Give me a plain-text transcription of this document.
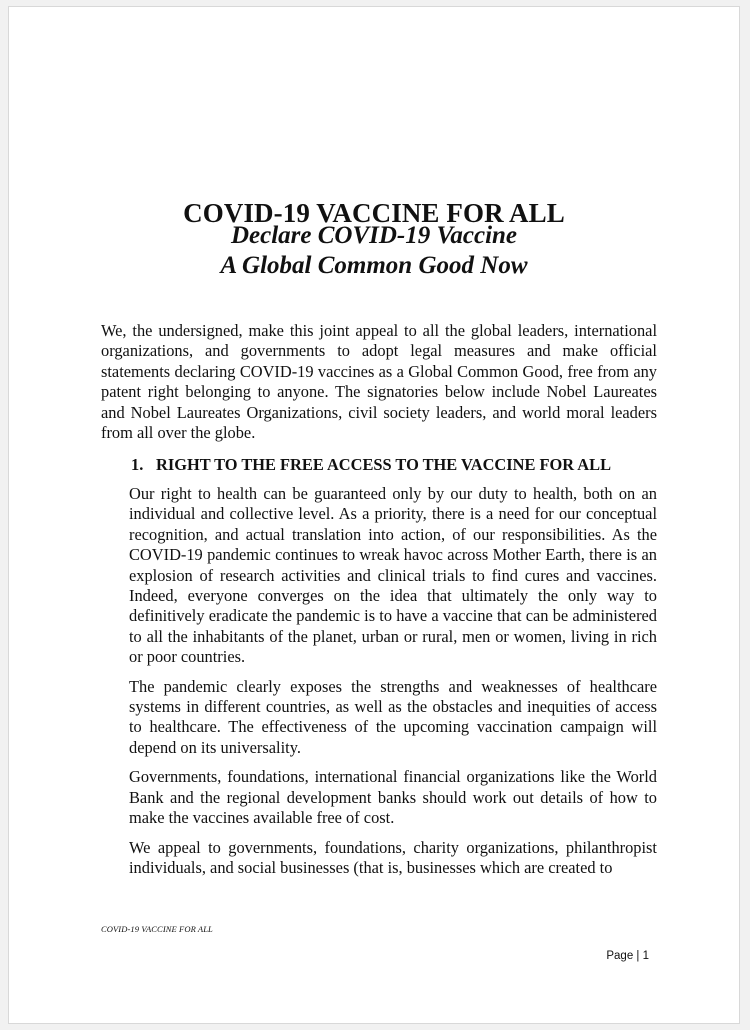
COVID-19 VACCINE FOR ALL
Declare COVID-19 Vaccine
A Global Common Good Now

We, the undersigned, make this joint appeal to all the global leaders, international organizations, and governments to adopt legal measures and make official statements declaring COVID-19 vaccines as a Global Common Good, free from any patent right belonging to anyone. The signatories below include Nobel Laureates and Nobel Laureates Organizations, civil society leaders, and world moral leaders from all over the globe.

1. RIGHT TO THE FREE ACCESS TO THE VACCINE FOR ALL

Our right to health can be guaranteed only by our duty to health, both on an individual and collective level. As a priority, there is a need for our conceptual recognition, and actual translation into action, of our responsibilities. As the COVID-19 pandemic continues to wreak havoc across Mother Earth, there is an explosion of research activities and clinical trials to find cures and vaccines. Indeed, everyone converges on the idea that ultimately the only way to definitively eradicate the pandemic is to have a vaccine that can be administered to all the inhabitants of the planet, urban or rural, men or women, living in rich or poor countries.

The pandemic clearly exposes the strengths and weaknesses of healthcare systems in different countries, as well as the obstacles and inequities of access to healthcare. The effectiveness of the upcoming vaccination campaign will depend on its universality.

Governments, foundations, international financial organizations like the World Bank and the regional development banks should work out details of how to make the vaccines available free of cost.

We appeal to governments, foundations, charity organizations, philanthropist individuals, and social businesses (that is, businesses which are created to

COVID-19 VACCINE FOR ALL
Page | 1
